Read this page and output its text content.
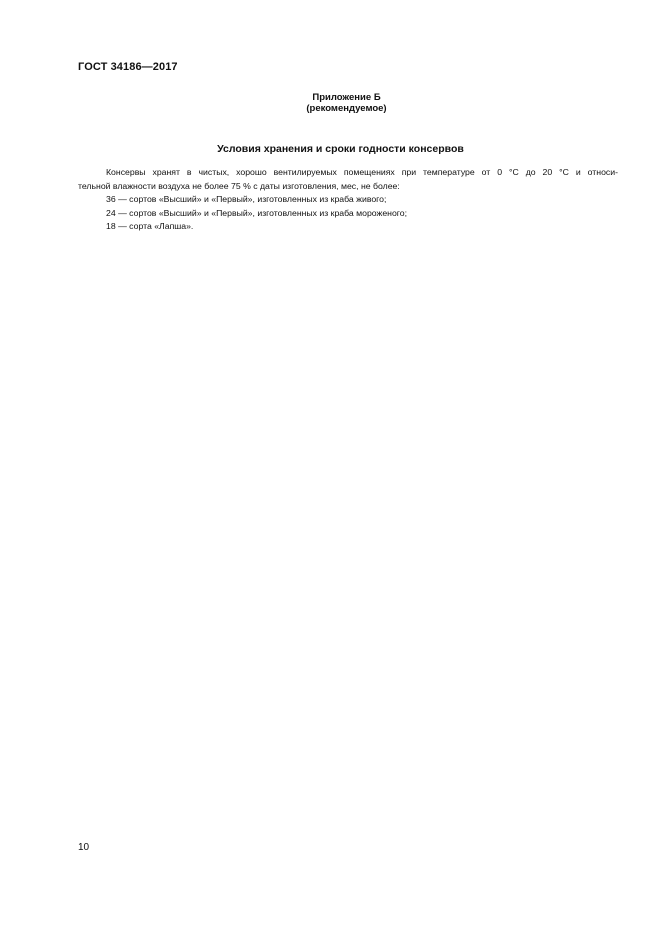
ГОСТ 34186—2017
Приложение Б
(рекомендуемое)
Условия хранения и сроки годности консервов
Консервы хранят в чистых, хорошо вентилируемых помещениях при температуре от 0 °С до 20 °С и относи-
тельной влажности воздуха не более 75 % с даты изготовления, мес, не более:
36 — сортов «Высший» и «Первый», изготовленных из краба живого;
24 — сортов «Высший» и «Первый», изготовленных из краба мороженого;
18 — сорта «Лапша».
10
